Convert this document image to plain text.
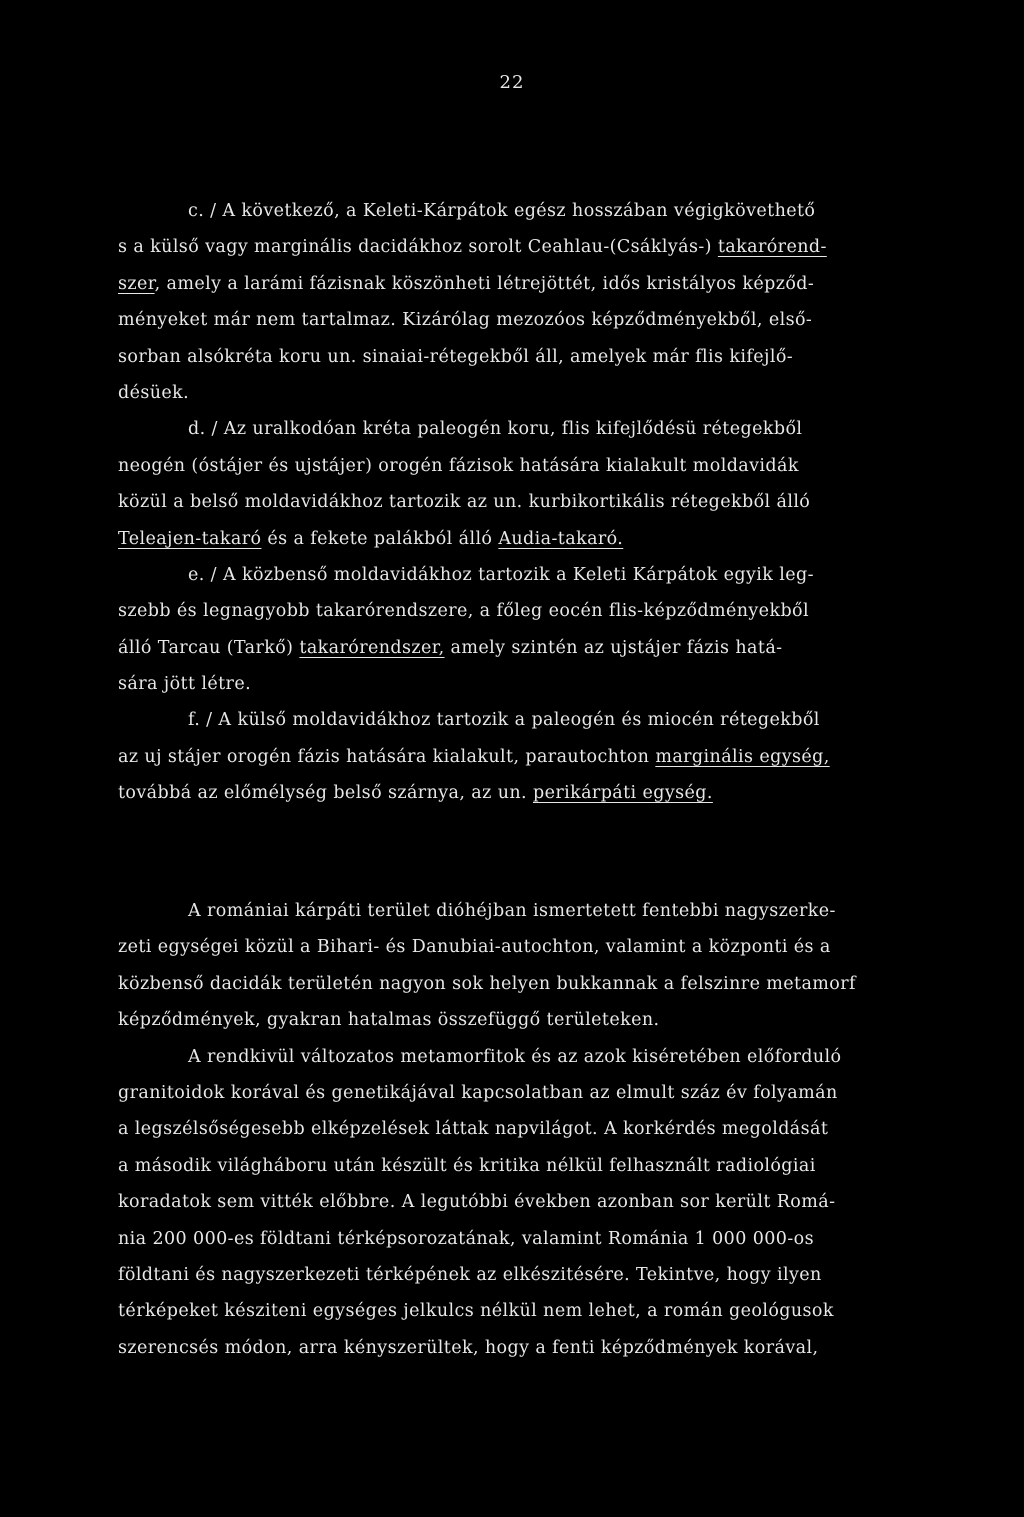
22
c. / A következő, a Keleti-Kárpátok egész hosszában végigkövethető
s a külső vagy marginális dacidákhoz sorolt Ceahlau-(Csáklyás-) takarórend-
szer, amely a larámi fázisnak köszönheti létrejöttét, idős kristályos képződ-
ményeket már nem tartalmaz. Kizárólag mezozóos képződményekből, első-
sorban alsókréta koru un. sinaiai-rétegekből áll, amelyek már flis kifejlő-
désüek.
d. / Az uralkodóan kréta paleogén koru, flis kifejlődésü rétegekből
neogén (óstájer és ujstájer) orogén fázisok hatására kialakult moldavidák
közül a belső moldavidákhoz tartozik az un. kurbikortikális rétegekből álló
Teleajen-takaró és a fekete palákból álló Audia-takaró.
e. / A közbenső moldavidákhoz tartozik a Keleti Kárpátok egyik leg-
szebb és legnagyobb takarórendszere, a főleg eocén flis-képződményekből
álló Tarcau (Tarkő) takarórendszer, amely szintén az ujstájer fázis hatá-
sára jött létre.
f. / A külső moldavidákhoz tartozik a paleogén és miocén rétegekből
az uj stájer orogén fázis hatására kialakult, parautochton marginális egység,
továbbá az előmélység belső szárnya, az un. perikárpáti egység.
A romániai kárpáti terület dióhéjban ismertetett fentebbi nagyszerke-
zeti egységei közül a Bihari- és Danubiai-autochton, valamint a központi és a
közbenső dacidák területén nagyon sok helyen bukkannak a felszinre metamorf
képződmények, gyakran hatalmas összefüggő területeken.
A rendkivül változatos metamorfitok és az azok kiséretében előforduló
granitoidok korával és genetikájával kapcsolatban az elmult száz év folyamán
a legszélsőségesebb elképzelések láttak napvilágot. A korkérdés megoldását
a második világháboru után készült és kritika nélkül felhasznált radiológiai
koradatok sem vitték előbbre. A legutóbbi években azonban sor került Romá-
nia 200 000-es földtani térképsorozatának, valamint Románia 1 000 000-os
földtani és nagyszerkezeti térképének az elkészitésére. Tekintve, hogy ilyen
térképeket késziteni egységes jelkulcs nélkül nem lehet, a román geológusok
szerencsés módon, arra kényszerültek, hogy a fenti képződmények korával,
